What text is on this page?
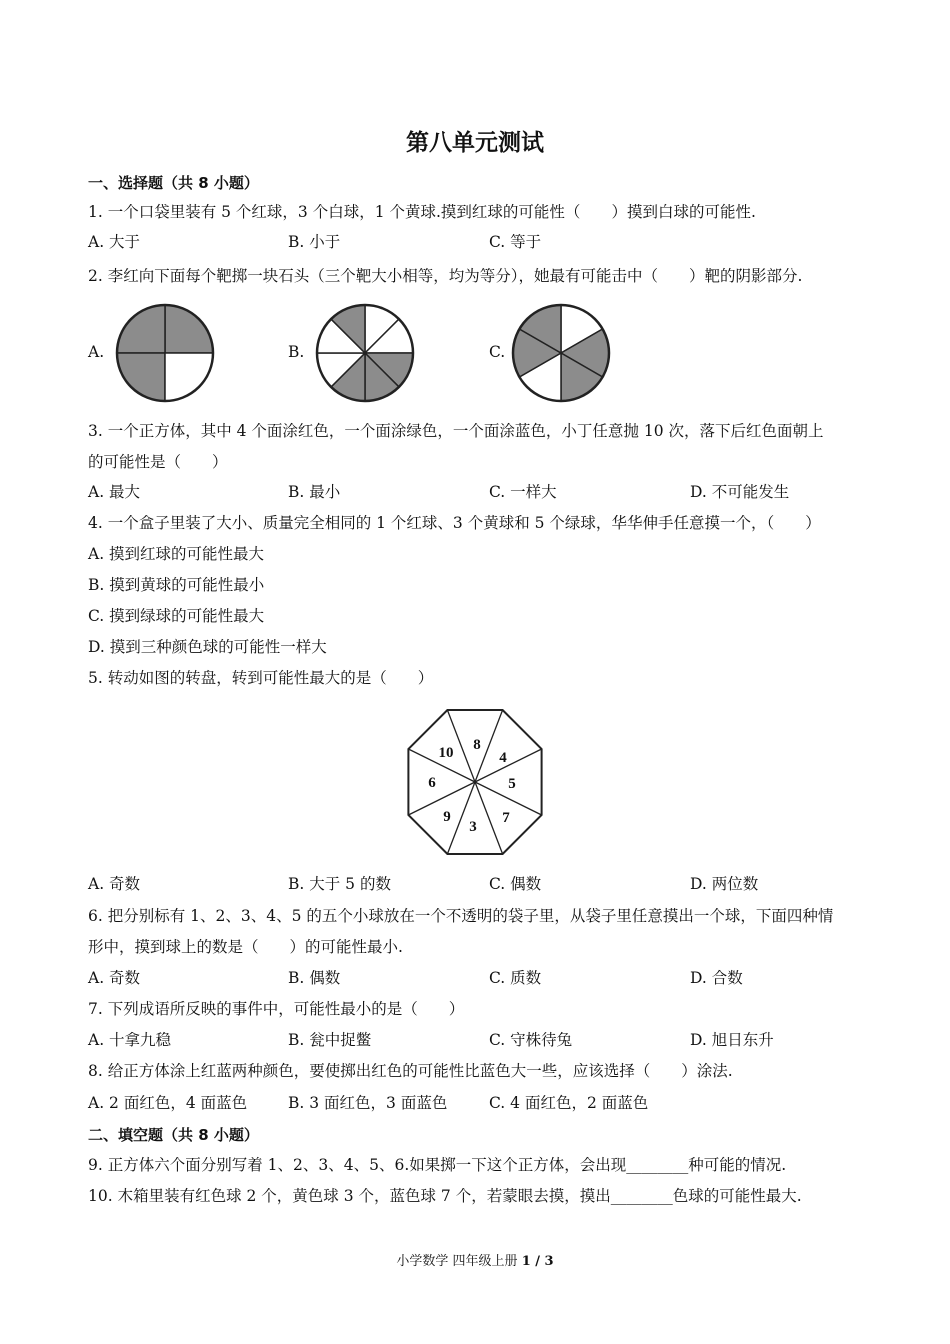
第八单元测试
一、选择题（共 8 小题）
1. 一个口袋里装有 5 个红球，3 个白球，1 个黄球.摸到红球的可能性（　　）摸到白球的可能性.
A. 大于	B. 小于	C. 等于
2. 李红向下面每个靶掷一块石头（三个靶大小相等，均为等分），她最有可能击中（　　）靶的阴影部分.
A.	B.	C.
3. 一个正方体，其中 4 个面涂红色，一个面涂绿色，一个面涂蓝色，小丁任意抛 10 次，落下后红色面朝上
的可能性是（　　）
A. 最大	B. 最小	C. 一样大	D. 不可能发生
4. 一个盒子里装了大小、质量完全相同的 1 个红球、3 个黄球和 5 个绿球，华华伸手任意摸一个，（　　）
A. 摸到红球的可能性最大
B. 摸到黄球的可能性最小
C. 摸到绿球的可能性最大
D. 摸到三种颜色球的可能性一样大
5. 转动如图的转盘，转到可能性最大的是（　　）
8
4
5
7
3
9
6
10
A. 奇数	B. 大于 5 的数	C. 偶数	D. 两位数
6. 把分别标有 1、2、3、4、5 的五个小球放在一个不透明的袋子里，从袋子里任意摸出一个球，下面四种情
形中，摸到球上的数是（　　）的可能性最小.
A. 奇数	B. 偶数	C. 质数	D. 合数
7. 下列成语所反映的事件中，可能性最小的是（　　）
A. 十拿九稳	B. 瓮中捉鳖	C. 守株待兔	D. 旭日东升
8. 给正方体涂上红蓝两种颜色，要使掷出红色的可能性比蓝色大一些，应该选择（　　）涂法.
A. 2 面红色，4 面蓝色	B. 3 面红色，3 面蓝色	C. 4 面红色，2 面蓝色
二、填空题（共 8 小题）
9. 正方体六个面分别写着 1、2、3、4、5、6.如果掷一下这个正方体，会出现________种可能的情况.
10. 木箱里装有红色球 2 个，黄色球 3 个，蓝色球 7 个，若蒙眼去摸，摸出________色球的可能性最大.
小学数学 四年级上册 1 / 3
